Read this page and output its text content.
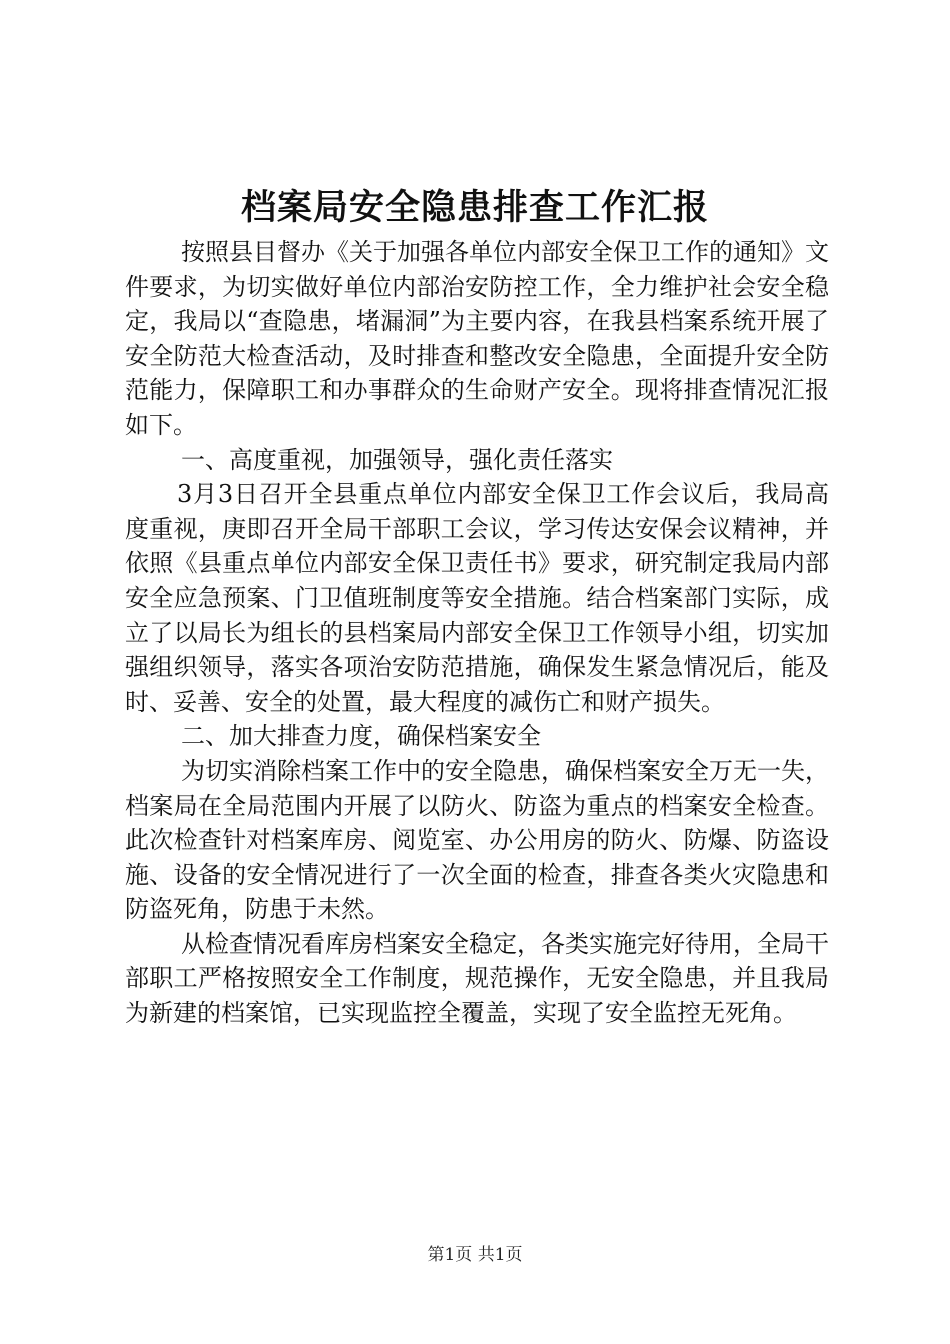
档案局安全隐患排查工作汇报

按照县目督办《关于加强各单位内部安全保卫工作的通知》文件要求，为切实做好单位内部治安防控工作，全力维护社会安全稳定，我局以“查隐患，堵漏洞”为主要内容，在我县档案系统开展了安全防范大检查活动，及时排查和整改安全隐患，全面提升安全防范能力，保障职工和办事群众的生命财产安全。现将排查情况汇报如下。

一、高度重视，加强领导，强化责任落实

3月3日召开全县重点单位内部安全保卫工作会议后，我局高度重视，庚即召开全局干部职工会议，学习传达安保会议精神，并依照《县重点单位内部安全保卫责任书》要求，研究制定我局内部安全应急预案、门卫值班制度等安全措施。结合档案部门实际，成立了以局长为组长的县档案局内部安全保卫工作领导小组，切实加强组织领导，落实各项治安防范措施，确保发生紧急情况后，能及时、妥善、安全的处置，最大程度的减伤亡和财产损失。

二、加大排查力度，确保档案安全

为切实消除档案工作中的安全隐患，确保档案安全万无一失，档案局在全局范围内开展了以防火、防盗为重点的档案安全检查。此次检查针对档案库房、阅览室、办公用房的防火、防爆、防盗设施、设备的安全情况进行了一次全面的检查，排查各类火灾隐患和防盗死角，防患于未然。

从检查情况看库房档案安全稳定，各类实施完好待用，全局干部职工严格按照安全工作制度，规范操作，无安全隐患，并且我局为新建的档案馆，已实现监控全覆盖，实现了安全监控无死角。

第1页 共1页
